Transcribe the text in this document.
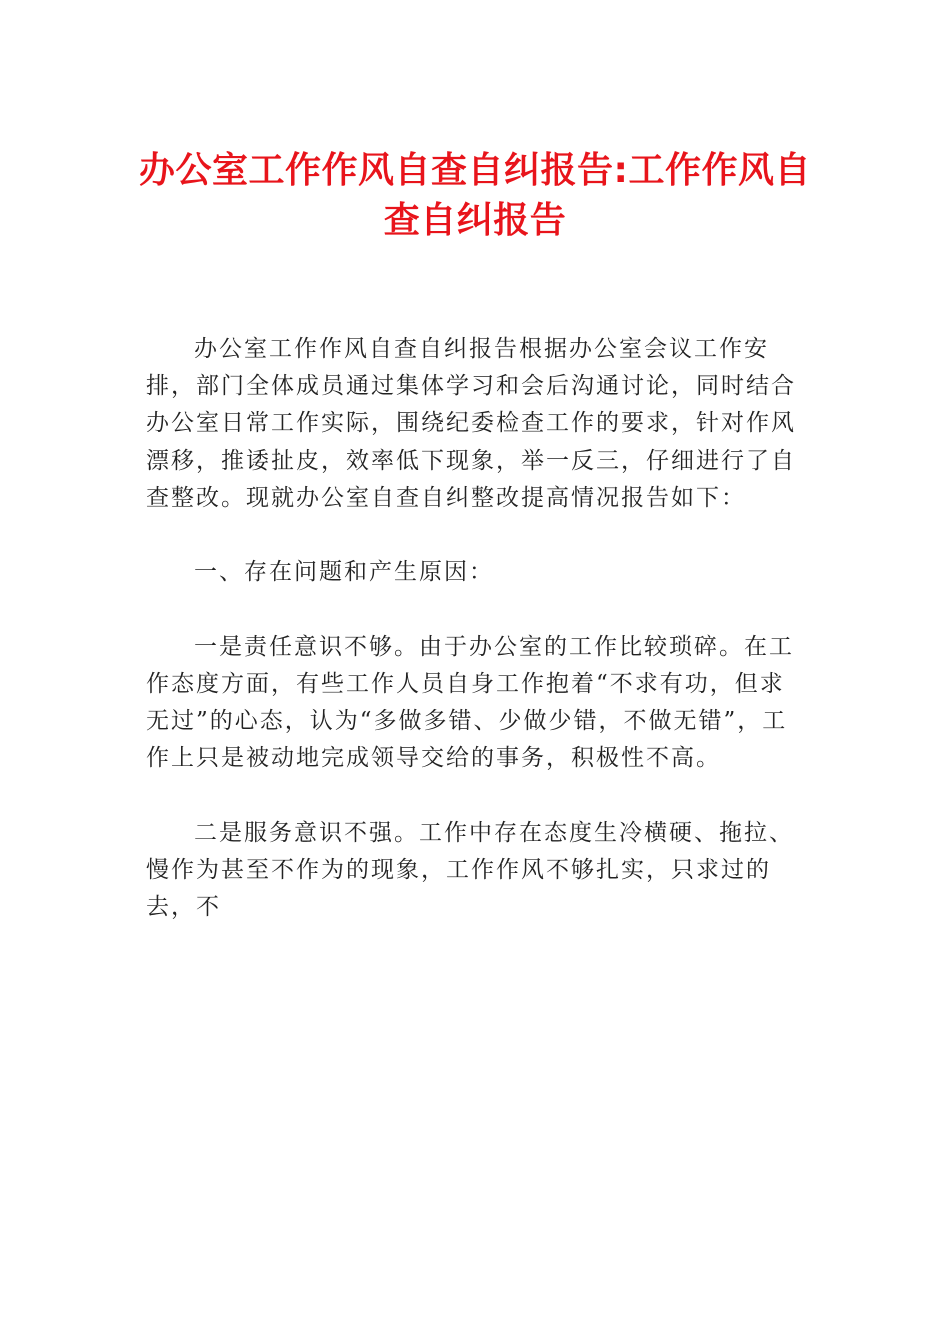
办公室工作作风自查自纠报告:工作作风自查自纠报告

办公室工作作风自查自纠报告根据办公室会议工作安排，部门全体成员通过集体学习和会后沟通讨论，同时结合办公室日常工作实际，围绕纪委检查工作的要求，针对作风漂移，推诿扯皮，效率低下现象，举一反三，仔细进行了自查整改。现就办公室自查自纠整改提高情况报告如下：

一、存在问题和产生原因：

一是责任意识不够。由于办公室的工作比较琐碎。在工作态度方面，有些工作人员自身工作抱着“不求有功，但求无过”的心态，认为“多做多错、少做少错，不做无错”，工作上只是被动地完成领导交给的事务，积极性不高。

二是服务意识不强。工作中存在态度生冷横硬、拖拉、慢作为甚至不作为的现象，工作作风不够扎实，只求过的去，不
